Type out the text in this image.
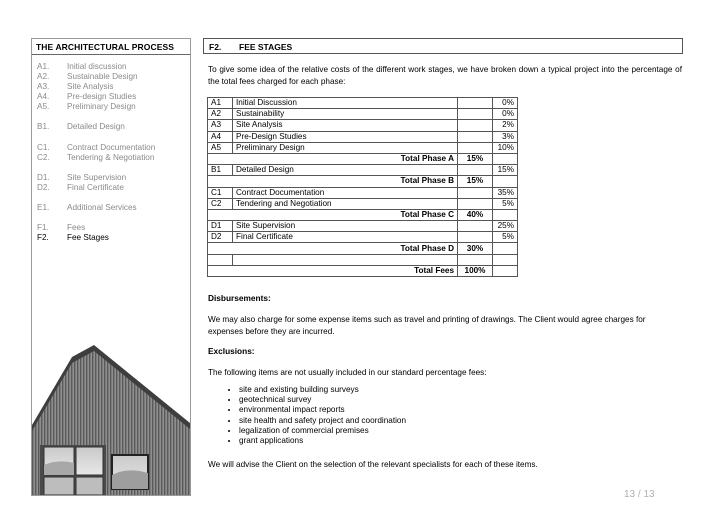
THE ARCHITECTURAL PROCESS
A1.	Initial discussion
A2.	Sustainable Design
A3.	Site Analysis
A4.	Pre-design Studies
A5.	Preliminary Design
B1.	Detailed Design
C1.	Contract Documentation
C2.	Tendering & Negotiation
D1.	Site Supervision
D2.	Final Certificate
E1.	Additional Services
F1.	Fees
F2.	Fee Stages
F2.	FEE STAGES
To give some idea of the relative costs of the different work stages, we have broken down a typical project into the percentage of the total fees charged for each phase:
A1	Initial Discussion		0%
A2	Sustainability		0%
A3	Site Analysis		2%
A4	Pre-Design Studies		3%
A5	Preliminary Design		10%
	Total Phase A	15%	
B1	Detailed Design		15%
	Total Phase B	15%	
C1	Contract Documentation		35%
C2	Tendering and Negotiation		5%
	Total Phase C	40%	
D1	Site Supervision		25%
D2	Final Certificate		5%
	Total Phase D	30%	

	Total Fees	100%	
Disbursements:
We may also charge for some expense items such as travel and printing of drawings. The Client would agree charges for expenses before they are incurred.
Exclusions:
The following items are not usually included in our standard percentage fees:
• site and existing building surveys
• geotechnical survey
• environmental impact reports
• site health and safety project and coordination
• legalization of commercial premises
• grant applications
We will advise the Client on the selection of the relevant specialists for each of these items.
13 / 13
